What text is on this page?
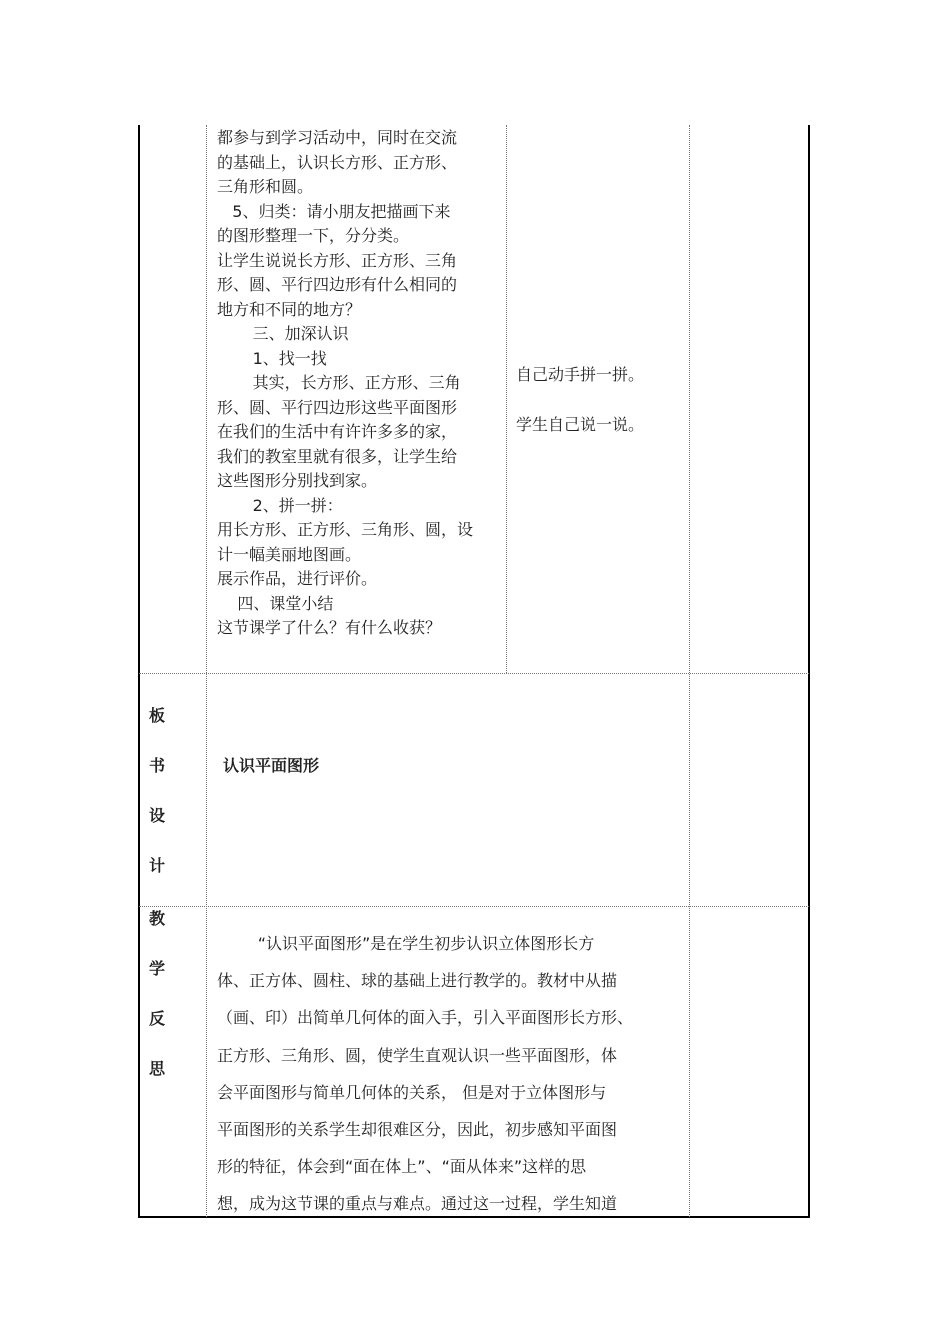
都参与到学习活动中，同时在交流

的基础上，认识长方形、正方形、

三角形和圆。

5、归类：请小朋友把描画下来

的图形整理一下，分分类。

让学生说说长方形、正方形、三角

形、圆、平行四边形有什么相同的

地方和不同的地方？

三、加深认识

1、找一找

其实，长方形、正方形、三角

形、圆、平行四边形这些平面图形

在我们的生活中有许许多多的家，

我们的教室里就有很多，让学生给

这些图形分别找到家。

2、拼一拼：

用长方形、正方形、三角形、圆，设

计一幅美丽地图画。

展示作品，进行评价。

四、课堂小结

这节课学了什么？有什么收获？

自己动手拼一拼。

学生自己说一说。

板
书
设
计
认识平面图形
教
学
反
思

“认识平面图形”是在学生初步认识立体图形长方

体、正方体、圆柱、球的基础上进行教学的。教材中从描

（画、印）出简单几何体的面入手，引入平面图形长方形、

正方形、三角形、圆，使学生直观认识一些平面图形，体

会平面图形与简单几何体的关系， 但是对于立体图形与

平面图形的关系学生却很难区分，因此，初步感知平面图

形的特征，体会到“面在体上”、“面从体来”这样的思

想，成为这节课的重点与难点。通过这一过程，学生知道
